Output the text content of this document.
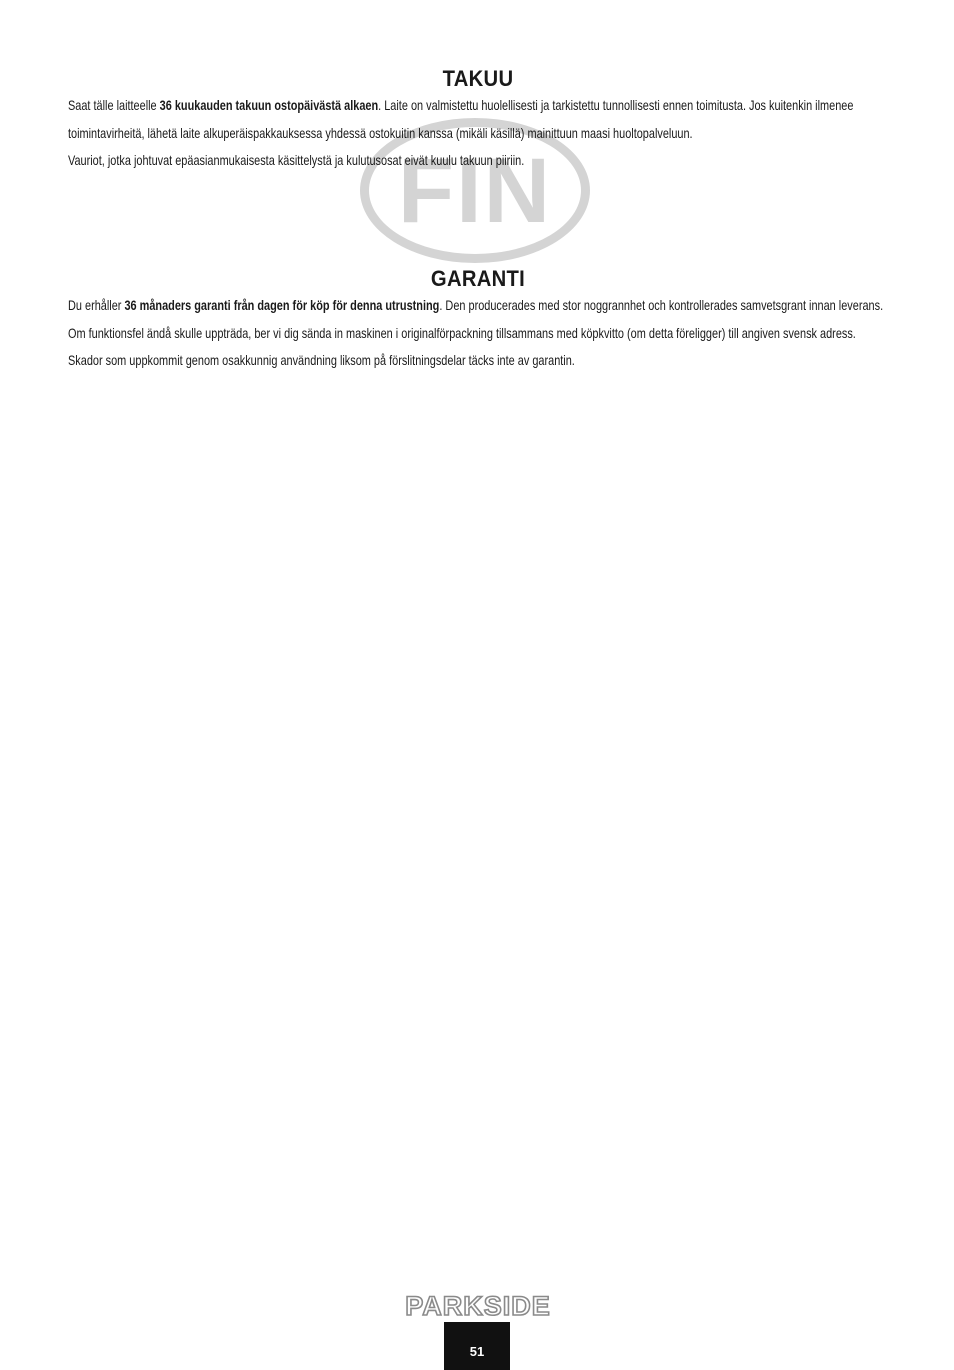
FIN
TAKUU

Saat tälle laitteelle 36 kuukauden takuun ostopäivästä alkaen. Laite on valmistettu huolellisesti ja tarkistettu tunnollisesti ennen toimitusta. Jos kuitenkin ilmenee toimintavirheitä, lähetä laite alkuperäispakkauksessa yhdessä ostokuitin kanssa (mikäli käsillä) mainittuun maasi huoltopalveluun.

Vauriot, jotka johtuvat epäasianmukaisesta käsittelystä ja kulutusosat eivät kuulu takuun piiriin.

GARANTI

Du erhåller 36 månaders garanti från dagen för köp för denna utrustning. Den producerades med stor noggrannhet och kontrollerades samvetsgrant innan leverans. Om funktionsfel ändå skulle uppträda, ber vi dig sända in maskinen i originalförpackning tillsammans med köpkvitto (om detta föreligger) till angiven svensk adress.

Skador som uppkommit genom osakkunnig användning liksom på förslitningsdelar täcks inte av garantin.

PARKSIDE
51
